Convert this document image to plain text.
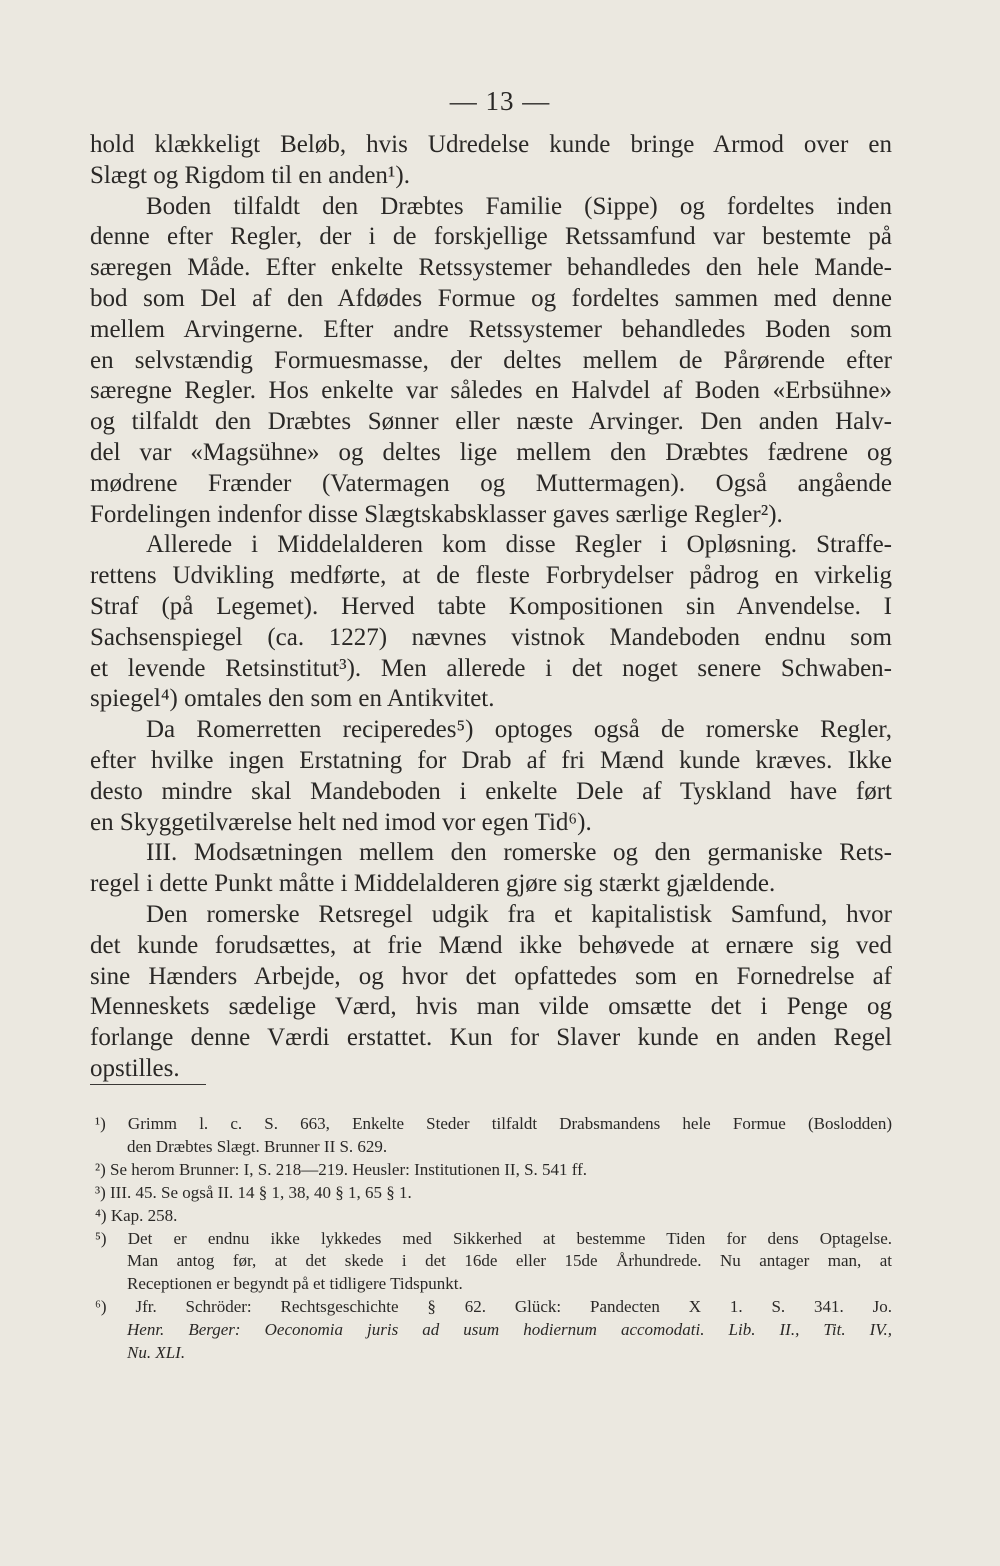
— 13 —
hold klækkeligt Beløb, hvis Udredelse kunde bringe Armod over en
Slægt og Rigdom til en anden¹).
Boden tilfaldt den Dræbtes Familie (Sippe) og fordeltes inden
denne efter Regler, der i de forskjellige Retssamfund var bestemte på
særegen Måde. Efter enkelte Retssystemer behandledes den hele Mande-
bod som Del af den Afdødes Formue og fordeltes sammen med denne
mellem Arvingerne. Efter andre Retssystemer behandledes Boden som
en selvstændig Formuesmasse, der deltes mellem de Pårørende efter
særegne Regler. Hos enkelte var således en Halvdel af Boden «Erbsühne»
og tilfaldt den Dræbtes Sønner eller næste Arvinger. Den anden Halv-
del var «Magsühne» og deltes lige mellem den Dræbtes fædrene og
mødrene Frænder (Vatermagen og Muttermagen). Også angående
Fordelingen indenfor disse Slægtskabsklasser gaves særlige Regler²).
Allerede i Middelalderen kom disse Regler i Opløsning. Straffe-
rettens Udvikling medførte, at de fleste Forbrydelser pådrog en virkelig
Straf (på Legemet). Herved tabte Kompositionen sin Anvendelse. I
Sachsenspiegel (ca. 1227) nævnes vistnok Mandeboden endnu som
et levende Retsinstitut³). Men allerede i det noget senere Schwaben-
spiegel⁴) omtales den som en Antikvitet.
Da Romerretten reciperedes⁵) optoges også de romerske Regler,
efter hvilke ingen Erstatning for Drab af fri Mænd kunde kræves. Ikke
desto mindre skal Mandeboden i enkelte Dele af Tyskland have ført
en Skyggetilværelse helt ned imod vor egen Tid⁶).
III. Modsætningen mellem den romerske og den germaniske Rets-
regel i dette Punkt måtte i Middelalderen gjøre sig stærkt gjældende.
Den romerske Retsregel udgik fra et kapitalistisk Samfund, hvor
det kunde forudsættes, at frie Mænd ikke behøvede at ernære sig ved
sine Hænders Arbejde, og hvor det opfattedes som en Fornedrelse af
Menneskets sædelige Værd, hvis man vilde omsætte det i Penge og
forlange denne Værdi erstattet. Kun for Slaver kunde en anden Regel
opstilles.
¹) Grimm l. c. S. 663, Enkelte Steder tilfaldt Drabsmandens hele Formue (Boslodden)
den Dræbtes Slægt. Brunner II S. 629.
²) Se herom Brunner: I, S. 218—219. Heusler: Institutionen II, S. 541 ff.
³) III. 45. Se også II. 14 § 1, 38, 40 § 1, 65 § 1.
⁴) Kap. 258.
⁵) Det er endnu ikke lykkedes med Sikkerhed at bestemme Tiden for dens Optagelse.
Man antog før, at det skede i det 16de eller 15de Århundrede. Nu antager man, at
Receptionen er begyndt på et tidligere Tidspunkt.
⁶) Jfr. Schröder: Rechtsgeschichte § 62. Glück: Pandecten X 1. S. 341. Jo.
Henr. Berger: Oeconomia juris ad usum hodiernum accomodati. Lib. II., Tit. IV.,
Nu. XLI.
